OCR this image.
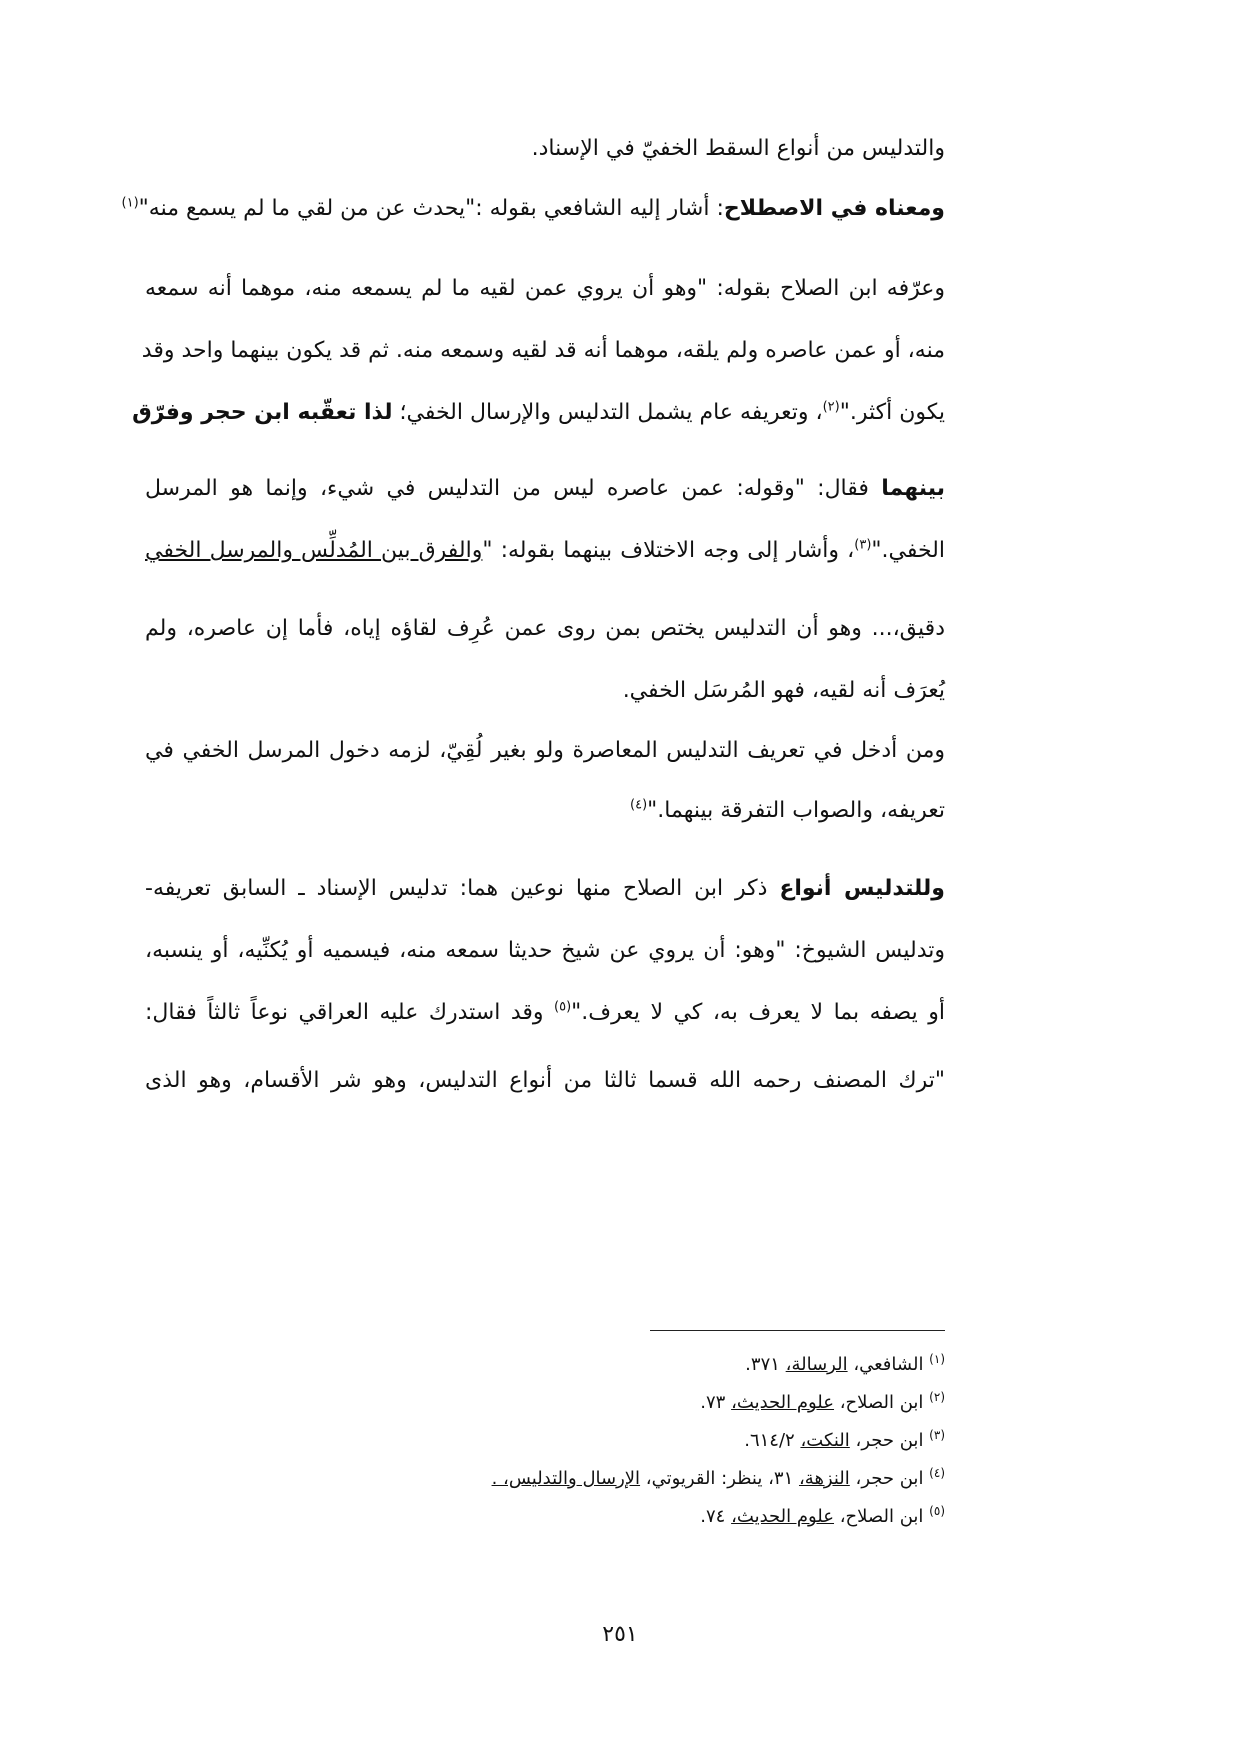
والتدليس من أنواع السقط الخفيّ في الإسناد.
ومعناه في الاصطلاح: أشار إليه الشافعي بقوله :"يحدث عن من لقي ما لم يسمع منه"$^{(١)}$
وعرّفه ابن الصلاح بقوله: "وهو أن يروي عمن لقيه ما لم يسمعه منه، موهما أنه سمعه
منه، أو عمن عاصره ولم يلقه، موهما أنه قد لقيه وسمعه منه. ثم قد يكون بينهما واحد وقد
يكون أكثر."$^{(٢)}$، وتعريفه عام يشمل التدليس والإرسال الخفي؛ لذا تعقّبه ابن حجر وفرّق
بينهما فقال: "وقوله: عمن عاصره ليس من التدليس في شيء، وإنما هو المرسل
الخفي."$^{(٣)}$، وأشار إلى وجه الاختلاف بينهما بقوله: "والفرق بين المُدلِّس والمرسل الخفي
دقيق،... وهو أن التدليس يختص بمن روى عمن عُرِف لقاؤه إياه، فأما إن عاصره، ولم
يُعرَف أنه لقيه، فهو المُرسَل الخفي.
ومن أدخل في تعريف التدليس المعاصرة ولو بغير لُقِيّ، لزمه دخول المرسل الخفي في
تعريفه، والصواب التفرقة بينهما."$^{(٤)}$
وللتدليس أنواع ذكر ابن الصلاح منها نوعين هما: تدليس الإسناد ـ السابق تعريفه-
وتدليس الشيوخ: "وهو: أن يروي عن شيخ حديثا سمعه منه، فيسميه أو يُكنِّيه، أو ينسبه،
أو يصفه بما لا يعرف به، كي لا يعرف."$^{(٥)}$ وقد استدرك عليه العراقي نوعاً ثالثاً فقال:
"ترك المصنف رحمه الله قسما ثالثا من أنواع التدليس، وهو شر الأقسام، وهو الذى
$^{(١)}$ الشافعي، الرسالة، ٣٧١.
$^{(٢)}$ ابن الصلاح، علوم الحديث، ٧٣.
$^{(٣)}$ ابن حجر، النكت، ٦١٤/٢.
$^{(٤)}$ ابن حجر، النزهة، ٣١، ينظر: القريوتي، الإرسال والتدليس، .
$^{(٥)}$ ابن الصلاح، علوم الحديث، ٧٤.
٢٥١
